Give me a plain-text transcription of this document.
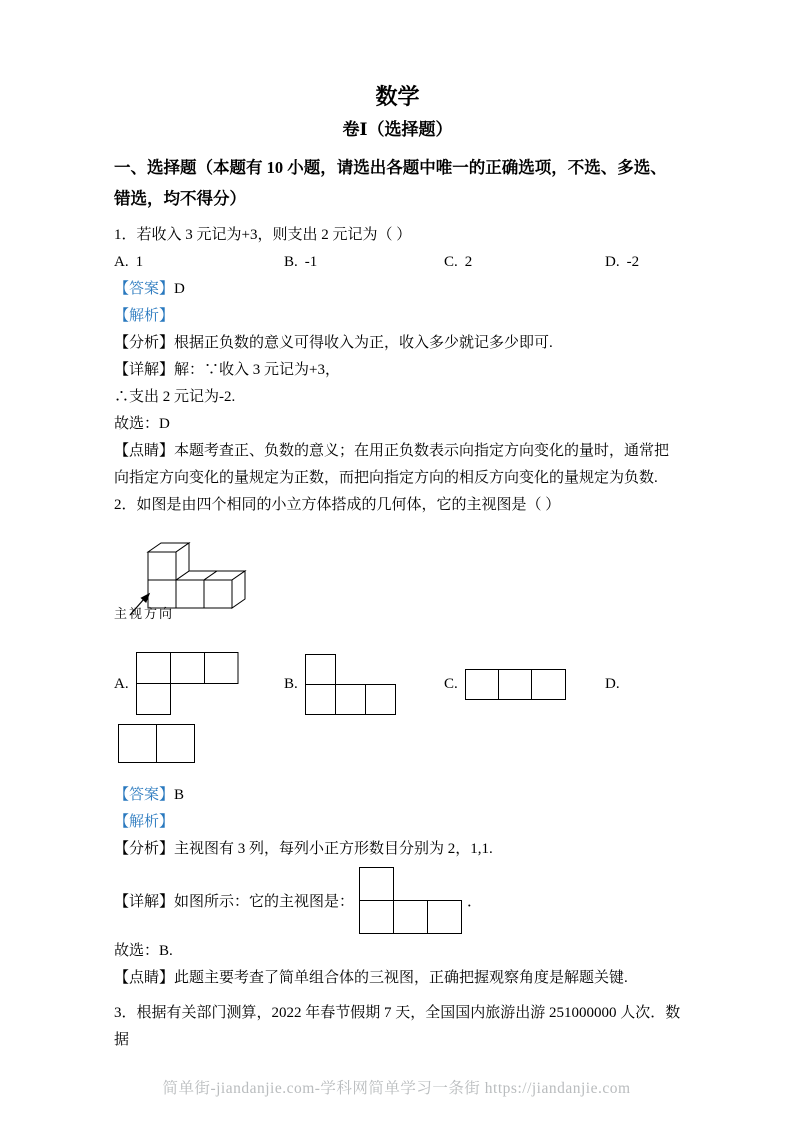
数学
卷Ⅰ（选择题）

一、选择题（本题有 10 小题，请选出各题中唯一的正确选项，不选、多选、错选，均不得分）

1．若收入 3 元记为+3，则支出 2 元记为（ ）

A. 1	B. -1	C. 2	D. -2

【答案】D

【解析】

【分析】根据正负数的意义可得收入为正，收入多少就记多少即可.

【详解】解：∵收入 3 元记为+3，

∴支出 2 元记为-2.

故选：D

【点睛】本题考查正、负数的意义；在用正负数表示向指定方向变化的量时，通常把向指定方向变化的量规定为正数，而把向指定方向的相反方向变化的量规定为负数.

2．如图是由四个相同的小立方体搭成的几何体，它的主视图是（ ）

主视方向
A.	B.	C.	D.

【答案】B

【解析】

【分析】主视图有 3 列，每列小正方形数目分别为 2，1,1.

【详解】如图所示：它的主视图是：	．

故选：B.

【点睛】此题主要考查了简单组合体的三视图，正确把握观察角度是解题关键.

3．根据有关部门测算，2022 年春节假期 7 天，全国国内旅游出游 251000000 人次．数据

简单街-jiandanjie.com-学科网简单学习一条街 https://jiandanjie.com
